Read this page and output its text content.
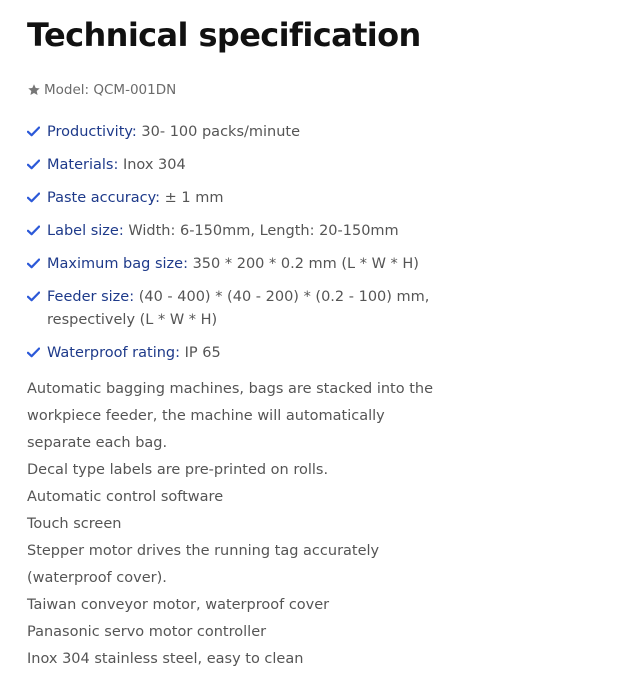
Technical specification
Model: QCM-001DN
Productivity: 30- 100 packs/minute
Materials: Inox 304
Paste accuracy: ± 1 mm
Label size: Width: 6-150mm, Length: 20-150mm
Maximum bag size: 350 * 200 * 0.2 mm (L * W * H)
Feeder size: (40 - 400) * (40 - 200) * (0.2 - 100) mm, respectively (L * W * H)
Waterproof rating: IP 65

Automatic bagging machines, bags are stacked into the workpiece feeder, the machine will automatically separate each bag.

Decal type labels are pre-printed on rolls.

Automatic control software

Touch screen

Stepper motor drives the running tag accurately (waterproof cover).

Taiwan conveyor motor, waterproof cover

Panasonic servo motor controller

Inox 304 stainless steel, easy to clean
